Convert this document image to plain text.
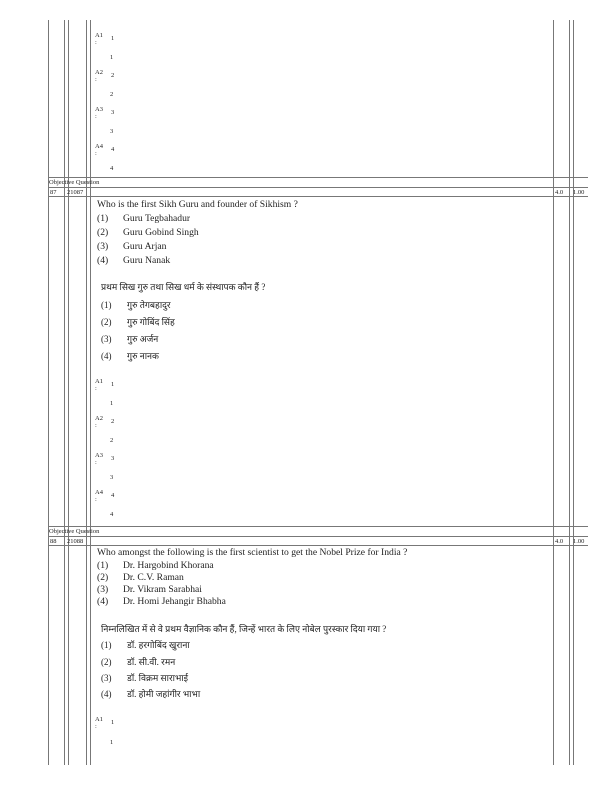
A1
:
1
1
A2
:
2
2
A3
:
3
3
A4
:
4
4
Objective Question
87 21087	4.0 1.00
Who is the first Sikh Guru and founder of Sikhism ?
(1) Guru Tegbahadur
(2) Guru Gobind Singh
(3) Guru Arjan
(4) Guru Nanak
प्रथम सिख गुरु तथा सिख धर्म के संस्थापक कौन हैं ?
(1) गुरु तेगबहादुर
(2) गुरु गोबिंद सिंह
(3) गुरु अर्जन
(4) गुरु नानक
A1
:
1
1
A2
:
2
2
A3
:
3
3
A4
:
4
4
Objective Question
88 21088	4.0 1.00
Who amongst the following is the first scientist to get the Nobel Prize for India ?
(1) Dr. Hargobind Khorana
(2) Dr. C.V. Raman
(3) Dr. Vikram Sarabhai
(4) Dr. Homi Jehangir Bhabha
निम्नलिखित में से वे प्रथम वैज्ञानिक कौन हैं, जिन्हें भारत के लिए नोबेल पुरस्कार दिया गया ?
(1) डॉ. हरगोबिंद खुराना
(2) डॉ. सी.वी. रमन
(3) डॉ. विक्रम साराभाई
(4) डॉ. होमी जहांगीर भाभा
A1
:
1
1
